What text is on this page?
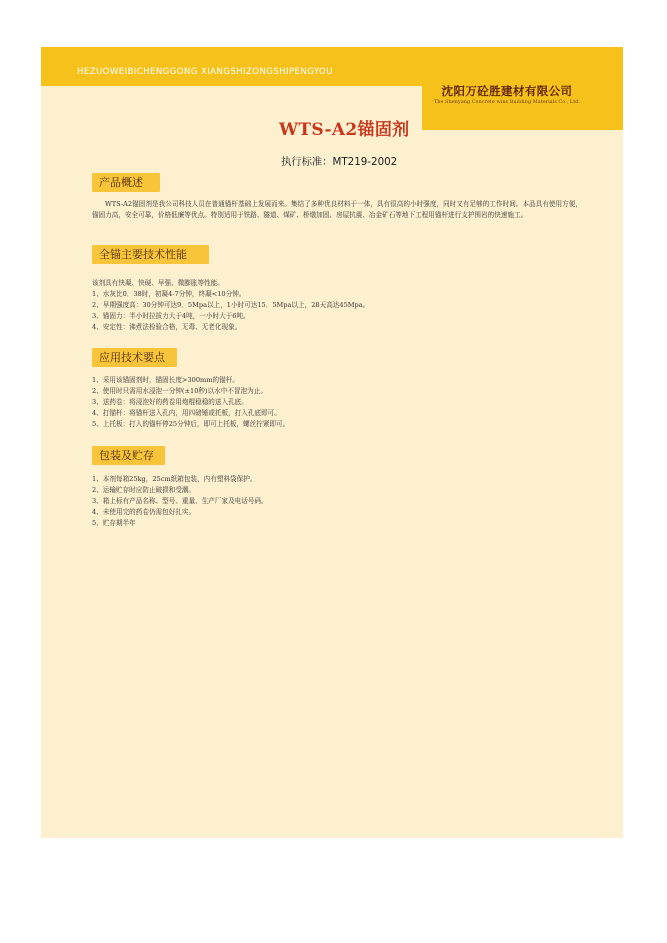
HEZUOWEIBICHENGGONG XIANGSHIZONGSHIPENGYOU
沈阳万砼胜建材有限公司
The Shenyang Concrete wins Building Materials Co., Ltd.
WTS-A2锚固剂
执行标准：MT219-2002
产品概述

WTS-A2锚固剂是我公司科技人员在普通锚杆基础上发展而来。集结了多种优良材料于一体，具有很高的小时强度，同时又有足够的工作时间。本品具有使用方便，锚固力高，安全可靠，价格低廉等优点。特别适用于铁路、隧道、煤矿、桥墩加固、房屋抗震、冶金矿石等地下工程用锚杆进行支护围岩的快速施工。

全锚主要技术性能

该剂具有快凝、快硬、早强、微膨胀等性能。

1、水灰比0．38时，初凝4-7分钟，终凝<10分钟。

2、早期强度高：30分钟可达9．5Mpa以上，1小时可达15．5Mpa以上，28天高达45Mpa。

3、锚固力：半小时拉拔力大于4吨，一小时大于6吨。

4、安定性：沸煮法检验合格，无毒、无老化现象。

应用技术要点

1、采用该锚固剂时，锚固长度>300mm的锚杆。

2、使用时只需用水浸泡一分钟(±10秒)以水中不冒泡为止。

3、送药卷：将浸泡好的药卷用炮棍稳稳的送入孔底。

4、打锚杆：将锚杆送入孔内，用四磅锤或托板，打入孔底即可。

5、上托板：打入的锚杆停25分钟后，即可上托板，螺丝拧紧即可。

包装及贮存

1、本剂每箱25kg，25cm纸箱包装，内有塑料袋保护。

2、运输贮存时应防止破损和受潮。

3、箱上标有产品名称、型号、重量、生产厂家及电话号码。

4、未使用完的药卷仍需包好扎实。

5、贮存期半年
